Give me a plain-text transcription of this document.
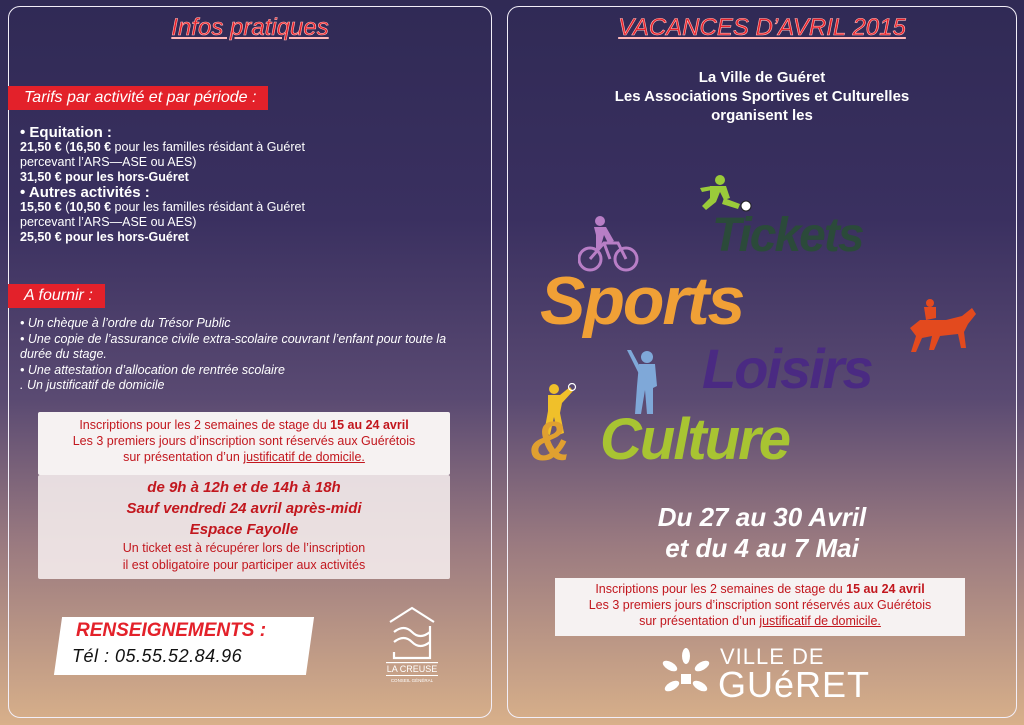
Infos pratiques
Tarifs par activité et par période :
• Equitation :
21,50 € (16,50 € pour les familles résidant à Guéret
percevant l’ARS—ASE ou AES)
31,50 € pour les hors-Guéret
• Autres activités :
15,50 € (10,50 € pour les familles résidant à Guéret
percevant l’ARS—ASE ou AES)
25,50 € pour les hors-Guéret
A fournir :
• Un chèque à l’ordre du Trésor Public
• Une copie de l’assurance civile extra-scolaire couvrant l’enfant pour toute la durée du stage.
• Une attestation d’allocation de rentrée scolaire
. Un justificatif de domicile
Inscriptions pour les 2 semaines de stage du 15 au 24 avril
Les 3 premiers jours d’inscription sont réservés aux Guérétois
sur présentation d’un justificatif de domicile.
de 9h à 12h et de 14h à 18h
Sauf vendredi 24 avril après-midi
Espace Fayolle
Un ticket est à récupérer lors de l’inscription
il est obligatoire pour participer aux activités
RENSEIGNEMENTS :
Tél : 05.55.52.84.96
LA CREUSE
CONSEIL GÉNÉRAL
VACANCES D’AVRIL 2015
La Ville de Guéret
Les Associations Sportives et Culturelles
organisent les
Tickets
Sports
Loisirs
& Culture
Du 27 au 30 Avril
et du 4 au 7 Mai
Inscriptions pour les 2 semaines de stage du 15 au 24 avril
Les 3 premiers jours d’inscription sont réservés aux Guérétois
sur présentation d’un justificatif de domicile.
VILLE DE
GUéRET
